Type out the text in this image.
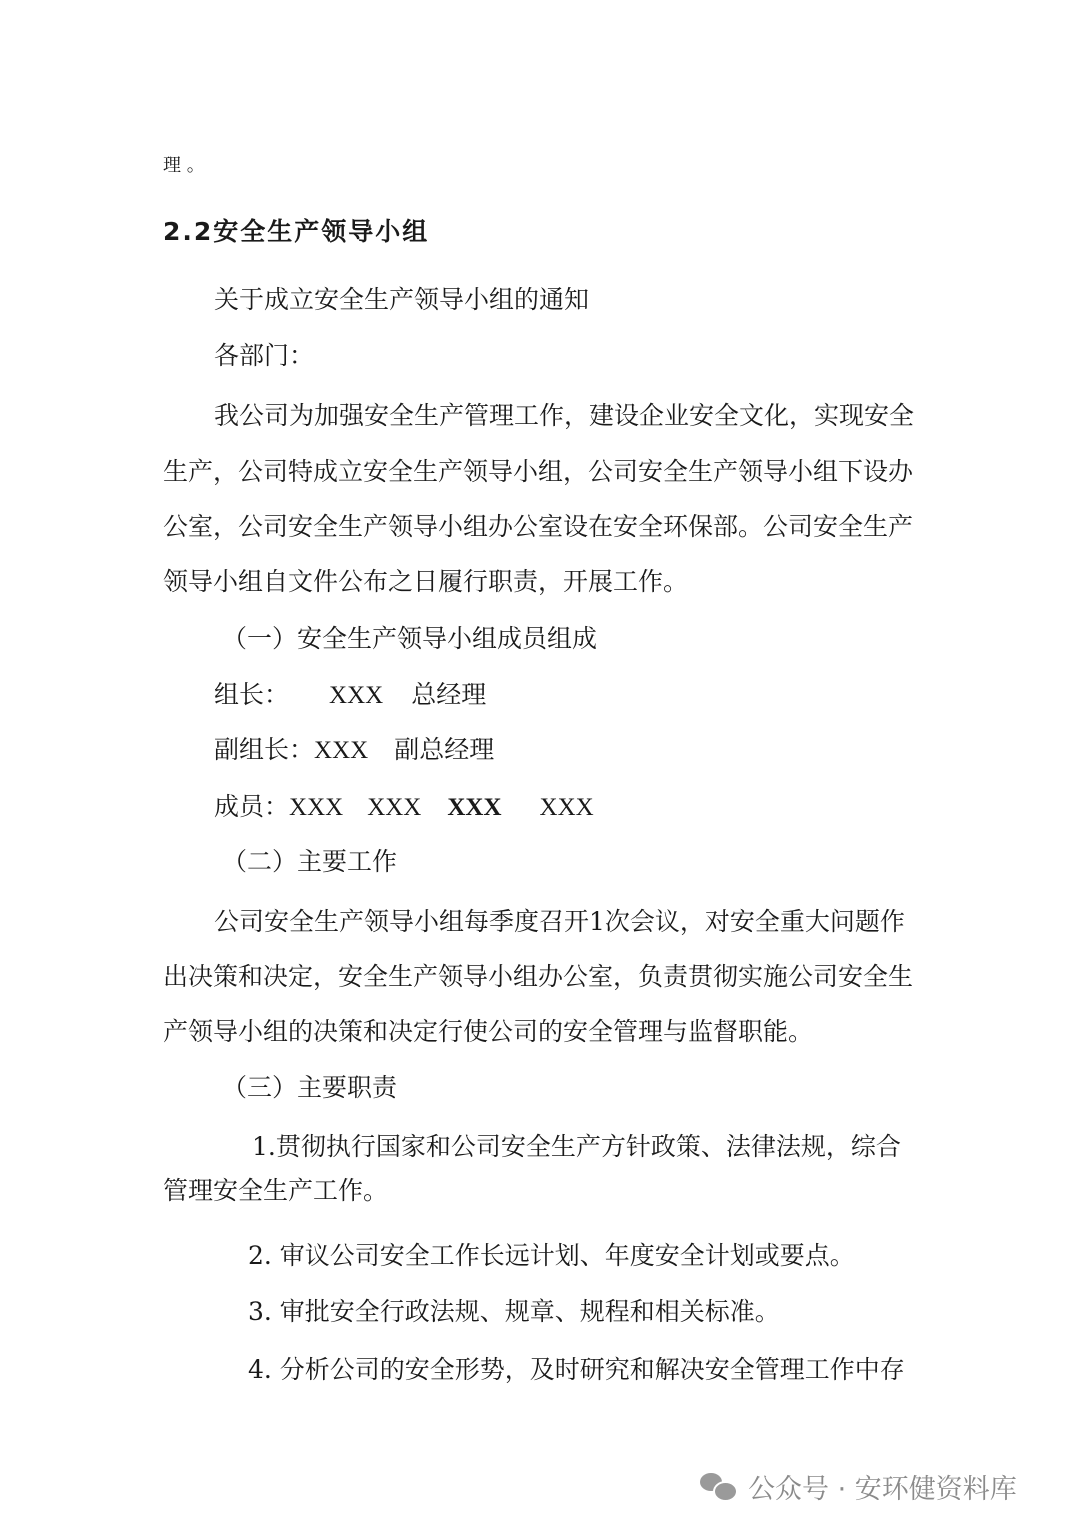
理 。
2.2安全生产领导小组
关于成立安全生产领导小组的通知
各部门：
我公司为加强安全生产管理工作，建设企业安全文化，实现安全
生产，公司特成立安全生产领导小组，公司安全生产领导小组下设办
公室，公司安全生产领导小组办公室设在安全环保部。公司安全生产
领导小组自文件公布之日履行职责，开展工作。
（一）安全生产领导小组成员组成
组长： XXX 总经理
副组长：XXX 副总经理
成员：XXX XXX XXX XXX
（二）主要工作
公司安全生产领导小组每季度召开1次会议，对安全重大问题作
出决策和决定，安全生产领导小组办公室，负责贯彻实施公司安全生
产领导小组的决策和决定行使公司的安全管理与监督职能。
（三）主要职责
1.贯彻执行国家和公司安全生产方针政策、法律法规，综合
管理安全生产工作。
2. 审议公司安全工作长远计划、年度安全计划或要点。
3. 审批安全行政法规、规章、规程和相关标准。
4. 分析公司的安全形势，及时研究和解决安全管理工作中存
公众号 · 安环健资料库
